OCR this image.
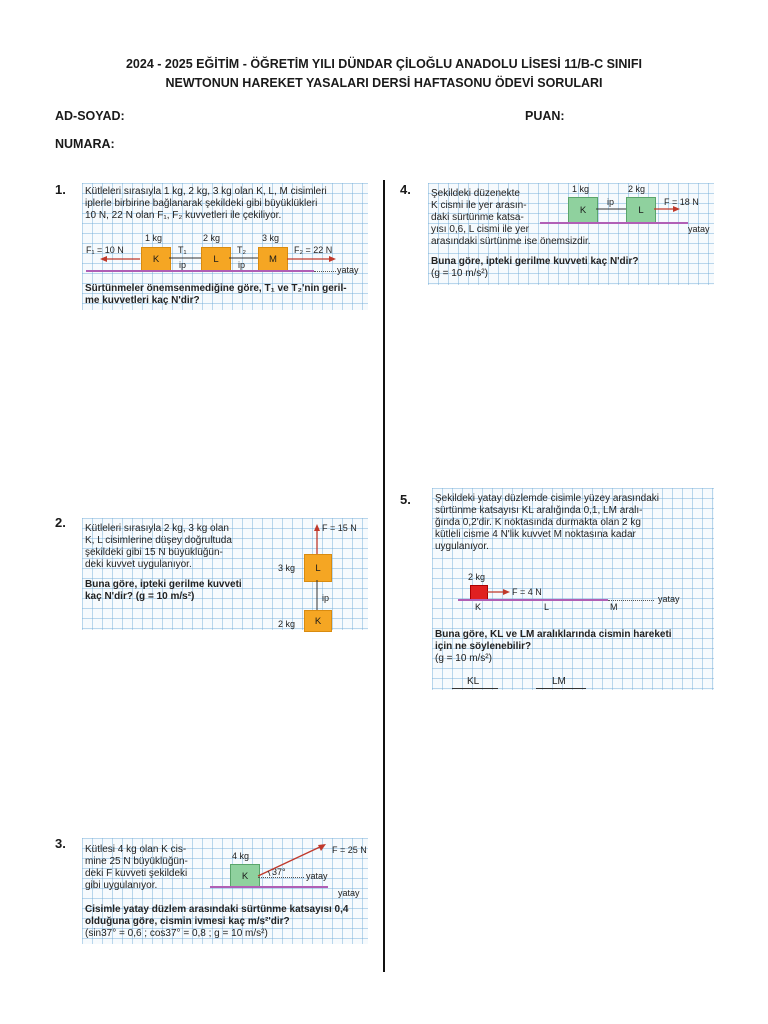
2024 - 2025 EĞİTİM - ÖĞRETİM YILI DÜNDAR ÇİLOĞLU ANADOLU LİSESİ 11/B-C SINIFI
NEWTONUN HAREKET YASALARI DERSİ HAFTASONU ÖDEVİ SORULARI
AD-SOYAD:	PUAN:
NUMARA:
1. Kütleleri sırasıyla 1 kg, 2 kg, 3 kg olan K, L, M cisimleri
iplerle birbirine bağlanarak şekildeki gibi büyüklükleri
10 N, 22 N olan F₁, F₂ kuvvetleri ile çekiliyor.
1 kg	2 kg	3 kg
K	L	M
T₁	T₂
ip	ip
F₁ = 10 N	F₂ = 22 N
yatay
Sürtünmeler önemsenmediğine göre, T₁ ve T₂'nin geril-
me kuvvetleri kaç N'dir?
4. Şekildeki düzenekte
K cismi ile yer arasın-
daki sürtünme katsa-
yısı 0,6, L cismi ile yer
arasındaki sürtünme ise önemsizdir.
1 kg	2 kg
K	L
ip	F = 18 N
yatay
Buna göre, ipteki gerilme kuvveti kaç N'dir?
(g = 10 m/s²)
5. Şekildeki yatay düzlemde cisimle yüzey arasındaki
sürtünme katsayısı KL aralığında 0,1, LM aralı-
ğında 0,2'dir. K noktasında durmakta olan 2 kg
kütleli cisme 4 N'lik kuvvet M noktasına kadar
uygulanıyor.
2 kg
F = 4 N
yatay
K	L	M
Buna göre, KL ve LM aralıklarında cismin hareketi
için ne söylenebilir?
(g = 10 m/s²)
KL	LM
2. Kütleleri sırasıyla 2 kg, 3 kg olan
K, L cisimlerine düşey doğrultuda
şekildeki gibi 15 N büyüklüğün-
deki kuvvet uygulanıyor.
Buna göre, ipteki gerilme kuvveti
kaç N'dir? (g = 10 m/s²)
F = 15 N
3 kg	L
ip
2 kg	K
3. Kütlesi 4 kg olan K cis-
mine 25 N büyüklüğün-
deki F kuvveti şekildeki
gibi uygulanıyor.
4 kg
K
F = 25 N
37° yatay
yatay
Cisimle yatay düzlem arasındaki sürtünme katsayısı 0,4
olduğuna göre, cismin ivmesi kaç m/s²'dir?
(sin37° = 0,6 ; cos37° = 0,8 ; g = 10 m/s²)
